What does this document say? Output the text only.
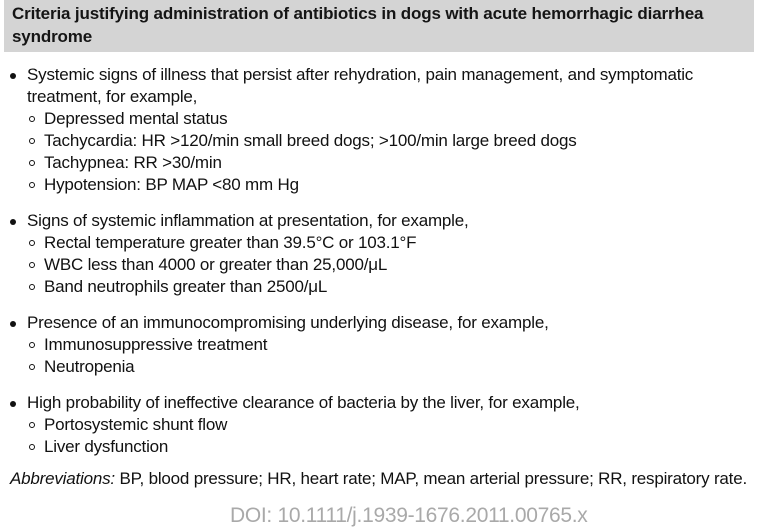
Criteria justifying administration of antibiotics in dogs with acute hemorrhagic diarrhea syndrome
Systemic signs of illness that persist after rehydration, pain management, and symptomatic treatment, for example,
Depressed mental status
Tachycardia: HR >120/min small breed dogs; >100/min large breed dogs
Tachypnea: RR >30/min
Hypotension: BP MAP <80 mm Hg
Signs of systemic inflammation at presentation, for example,
Rectal temperature greater than 39.5°C or 103.1°F
WBC less than 4000 or greater than 25,000/μL
Band neutrophils greater than 2500/μL
Presence of an immunocompromising underlying disease, for example,
Immunosuppressive treatment
Neutropenia
High probability of ineffective clearance of bacteria by the liver, for example,
Portosystemic shunt flow
Liver dysfunction
Abbreviations: BP, blood pressure; HR, heart rate; MAP, mean arterial pressure; RR, respiratory rate.
DOI: 10.1111/j.1939-1676.2011.00765.x
